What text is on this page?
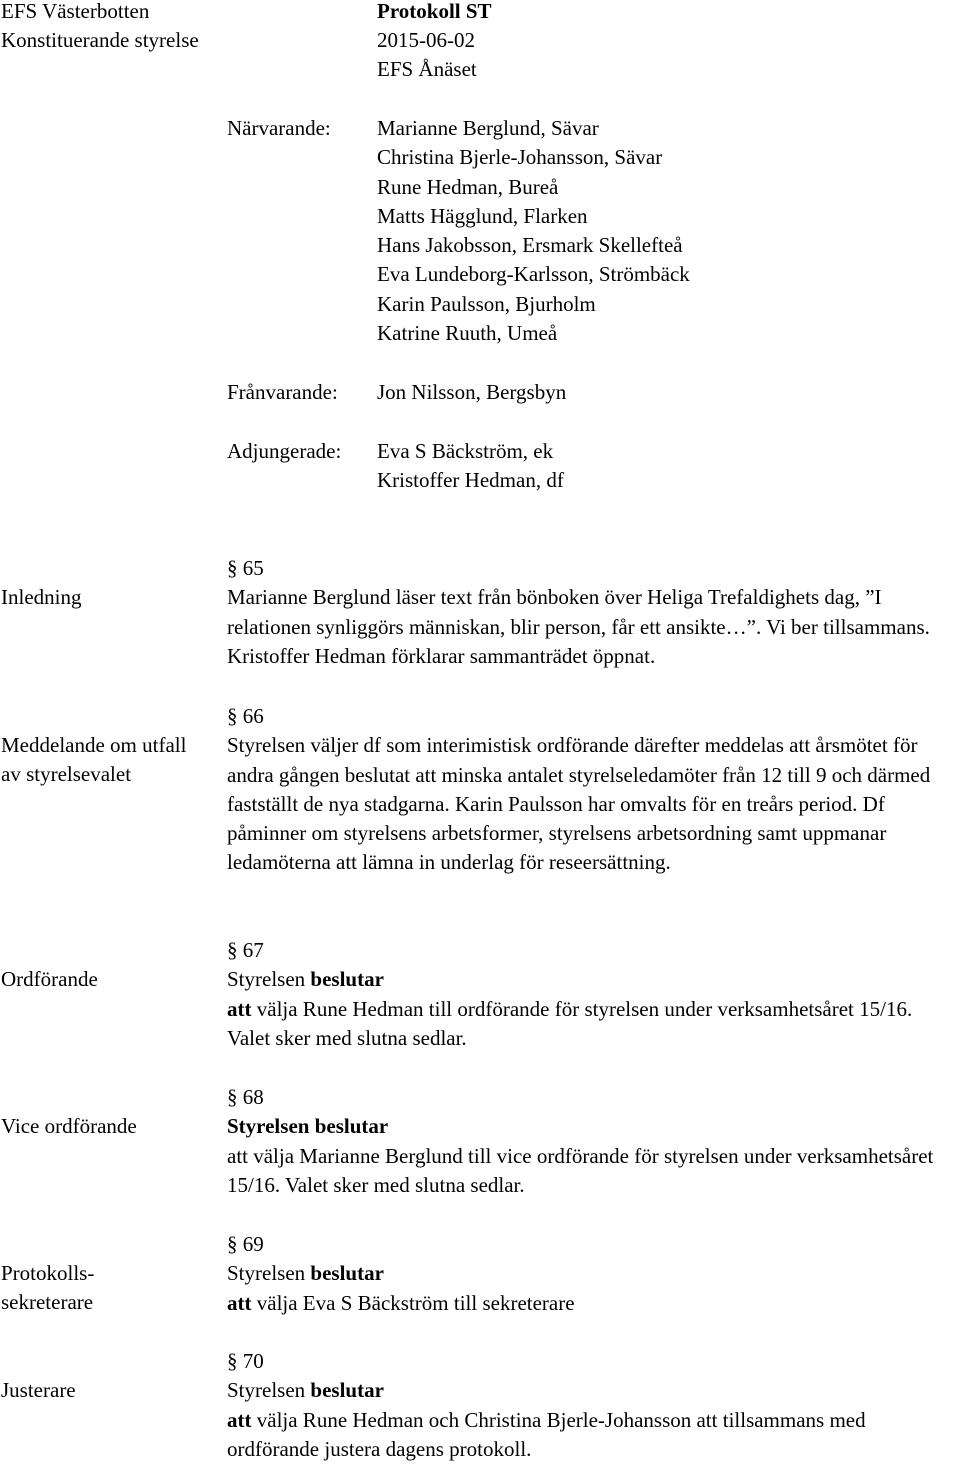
EFS Västerbotten	Protokoll ST
Konstituerande styrelse	2015-06-02
EFS Ånäset
Närvarande: Marianne Berglund, Sävar
Christina Bjerle-Johansson, Sävar
Rune Hedman, Bureå
Matts Hägglund, Flarken
Hans Jakobsson, Ersmark Skellefteå
Eva Lundeborg-Karlsson, Strömbäck
Karin Paulsson, Bjurholm
Katrine Ruuth, Umeå
Frånvarande: Jon Nilsson, Bergsbyn
Adjungerade: Eva S Bäckström, ek
Kristoffer Hedman, df
Inledning
§ 65

Marianne Berglund läser text från bönboken över Heliga Trefaldighets dag, ”I relationen synliggörs människan, blir person, får ett ansikte…”. Vi ber tillsammans. Kristoffer Hedman förklarar sammanträdet öppnat.

Meddelande om utfall av styrelsevalet
§ 66

Styrelsen väljer df som interimistisk ordförande därefter meddelas att årsmötet för andra gången beslutat att minska antalet styrelseledamöter från 12 till 9 och därmed fastställt de nya stadgarna. Karin Paulsson har omvalts för en treårs period. Df påminner om styrelsens arbetsformer, styrelsens arbetsordning samt uppmanar ledamöterna att lämna in underlag för reseersättning.

Ordförande
§ 67
Styrelsen beslutar

att välja Rune Hedman till ordförande för styrelsen under verksamhetsåret 15/16. Valet sker med slutna sedlar.

Vice ordförande
§ 68
Styrelsen beslutar

att välja Marianne Berglund till vice ordförande för styrelsen under verksamhetsåret 15/16. Valet sker med slutna sedlar.

Protokolls-
sekreterare
§ 69
Styrelsen beslutar

att välja Eva S Bäckström till sekreterare

Justerare
§ 70
Styrelsen beslutar

att välja Rune Hedman och Christina Bjerle-Johansson att tillsammans med ordförande justera dagens protokoll.
